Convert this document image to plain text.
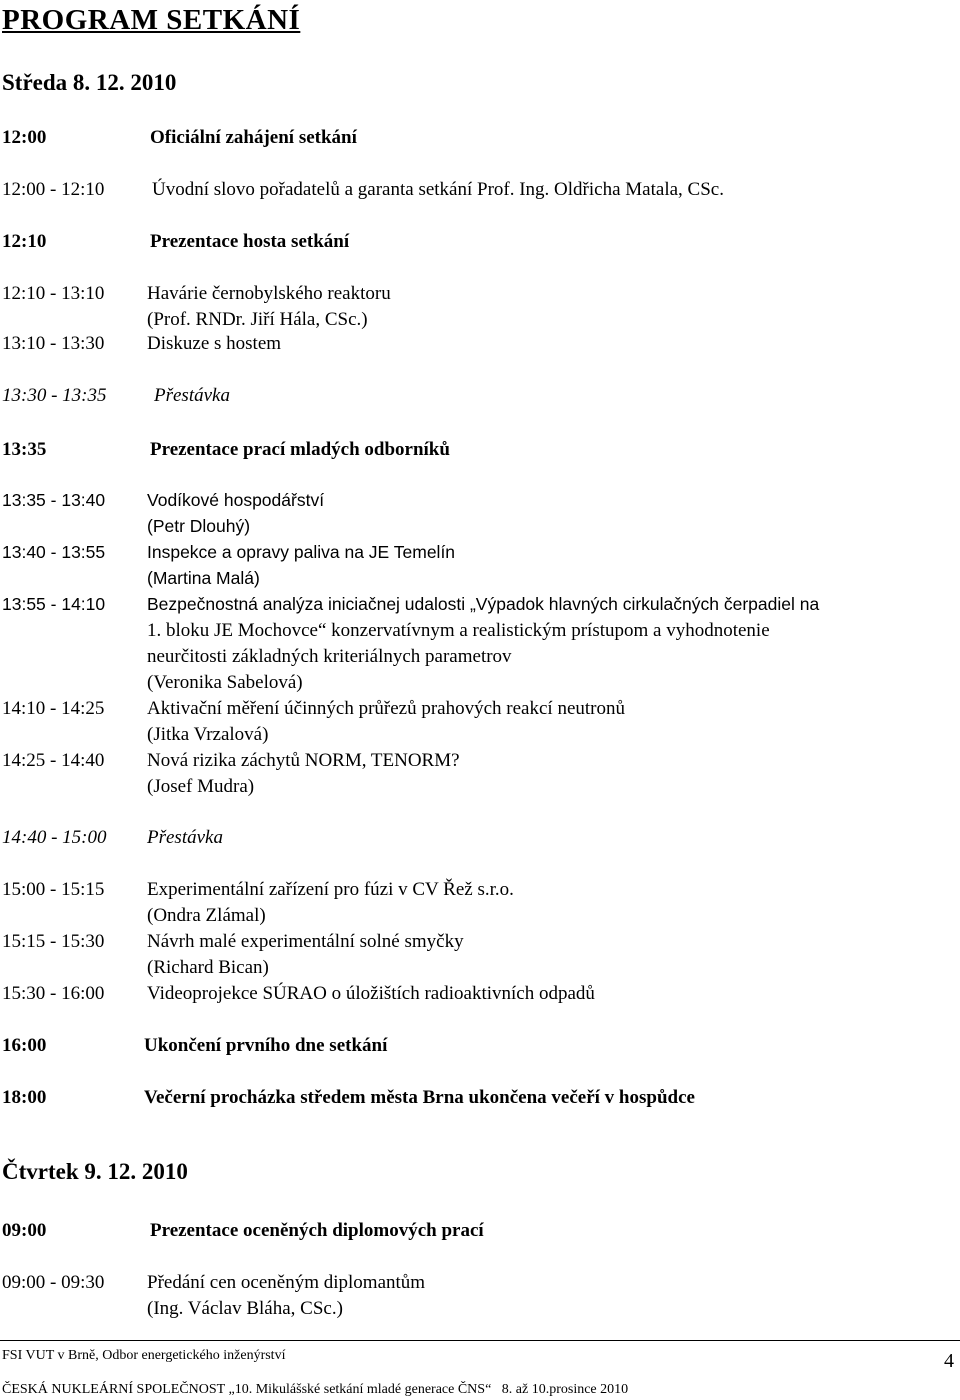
PROGRAM SETKÁNÍ
Středa 8. 12. 2010
12:00	Oficiální zahájení setkání
12:00 - 12:10	Úvodní slovo pořadatelů a garanta setkání Prof. Ing. Oldřicha Matala, CSc.
12:10	Prezentace hosta setkání
12:10 - 13:10 Havárie černobylského reaktoru
(Prof. RNDr. Jiří Hála, CSc.)
13:10 - 13:30 Diskuze s hostem
13:30 - 13:35	Přestávka
13:35	Prezentace prací mladých odborníků
13:35 - 13:40 Vodíkové hospodářství
(Petr Dlouhý)
13:40 - 13:55 Inspekce a opravy paliva na JE Temelín
(Martina Malá)
13:55 - 14:10 Bezpečnostná analýza iniciačnej udalosti „Výpadok hlavných cirkulačných čerpadiel na
1. bloku JE Mochovce“ konzervatívnym a realistickým prístupom a vyhodnotenie
neurčitosti základných kriteriálnych parametrov
(Veronika Sabelová)
14:10 - 14:25 Aktivační měření účinných průřezů prahových reakcí neutronů
(Jitka Vrzalová)
14:25 - 14:40 Nová rizika záchytů NORM, TENORM?
(Josef Mudra)
14:40 - 15:00 Přestávka
15:00 - 15:15 Experimentální zařízení pro fúzi v CV Řež s.r.o.
(Ondra Zlámal)
15:15 - 15:30 Návrh malé experimentální solné smyčky
(Richard Bican)
15:30 - 16:00 Videoprojekce SÚRAO o úložištích radioaktivních odpadů
16:00	Ukončení prvního dne setkání
18:00	Večerní procházka středem města Brna ukončena večeří v hospůdce
Čtvrtek 9. 12. 2010
09:00	Prezentace oceněných diplomových prací
09:00 - 09:30 Předání cen oceněným diplomantům
(Ing. Václav Bláha, CSc.)
FSI VUT v Brně, Odbor energetického inženýrství	4
ČESKÁ NUKLEÁRNÍ SPOLEČNOST „10. Mikulášské setkání mladé generace ČNS“   8. až 10.prosince 2010
